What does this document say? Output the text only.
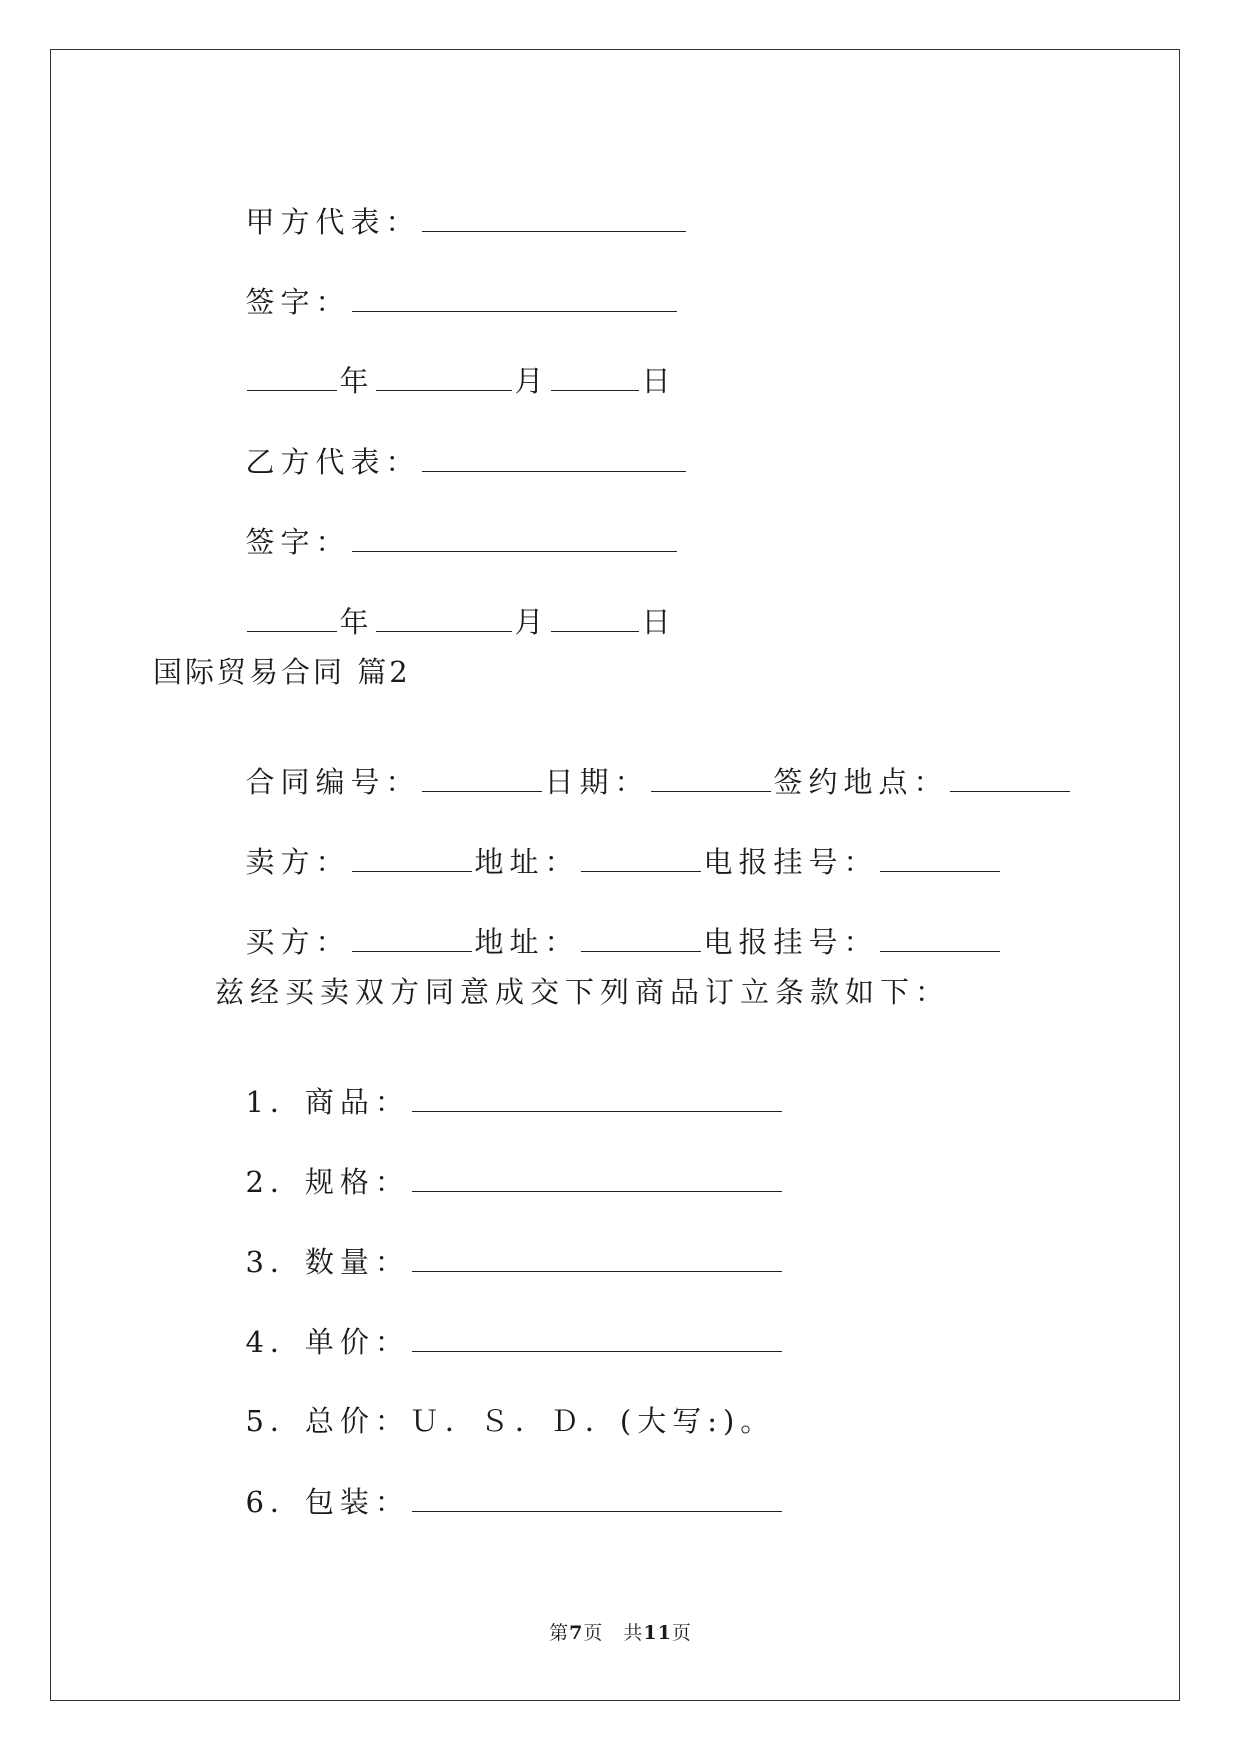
甲方代表：

签字：

年	月	日

乙方代表：

签字：

年	月	日

国际贸易合同 篇2

合同编号：	日期：	签约地点：

卖方：	地址：	电报挂号：

买方：	地址：	电报挂号：

兹经买卖双方同意成交下列商品订立条款如下：

1．商品：

2．规格：

3．数量：

4．单价：

5．总价：Ｕ．Ｓ．Ｄ．(大写:)。

6．包装：

第7页　共11页
